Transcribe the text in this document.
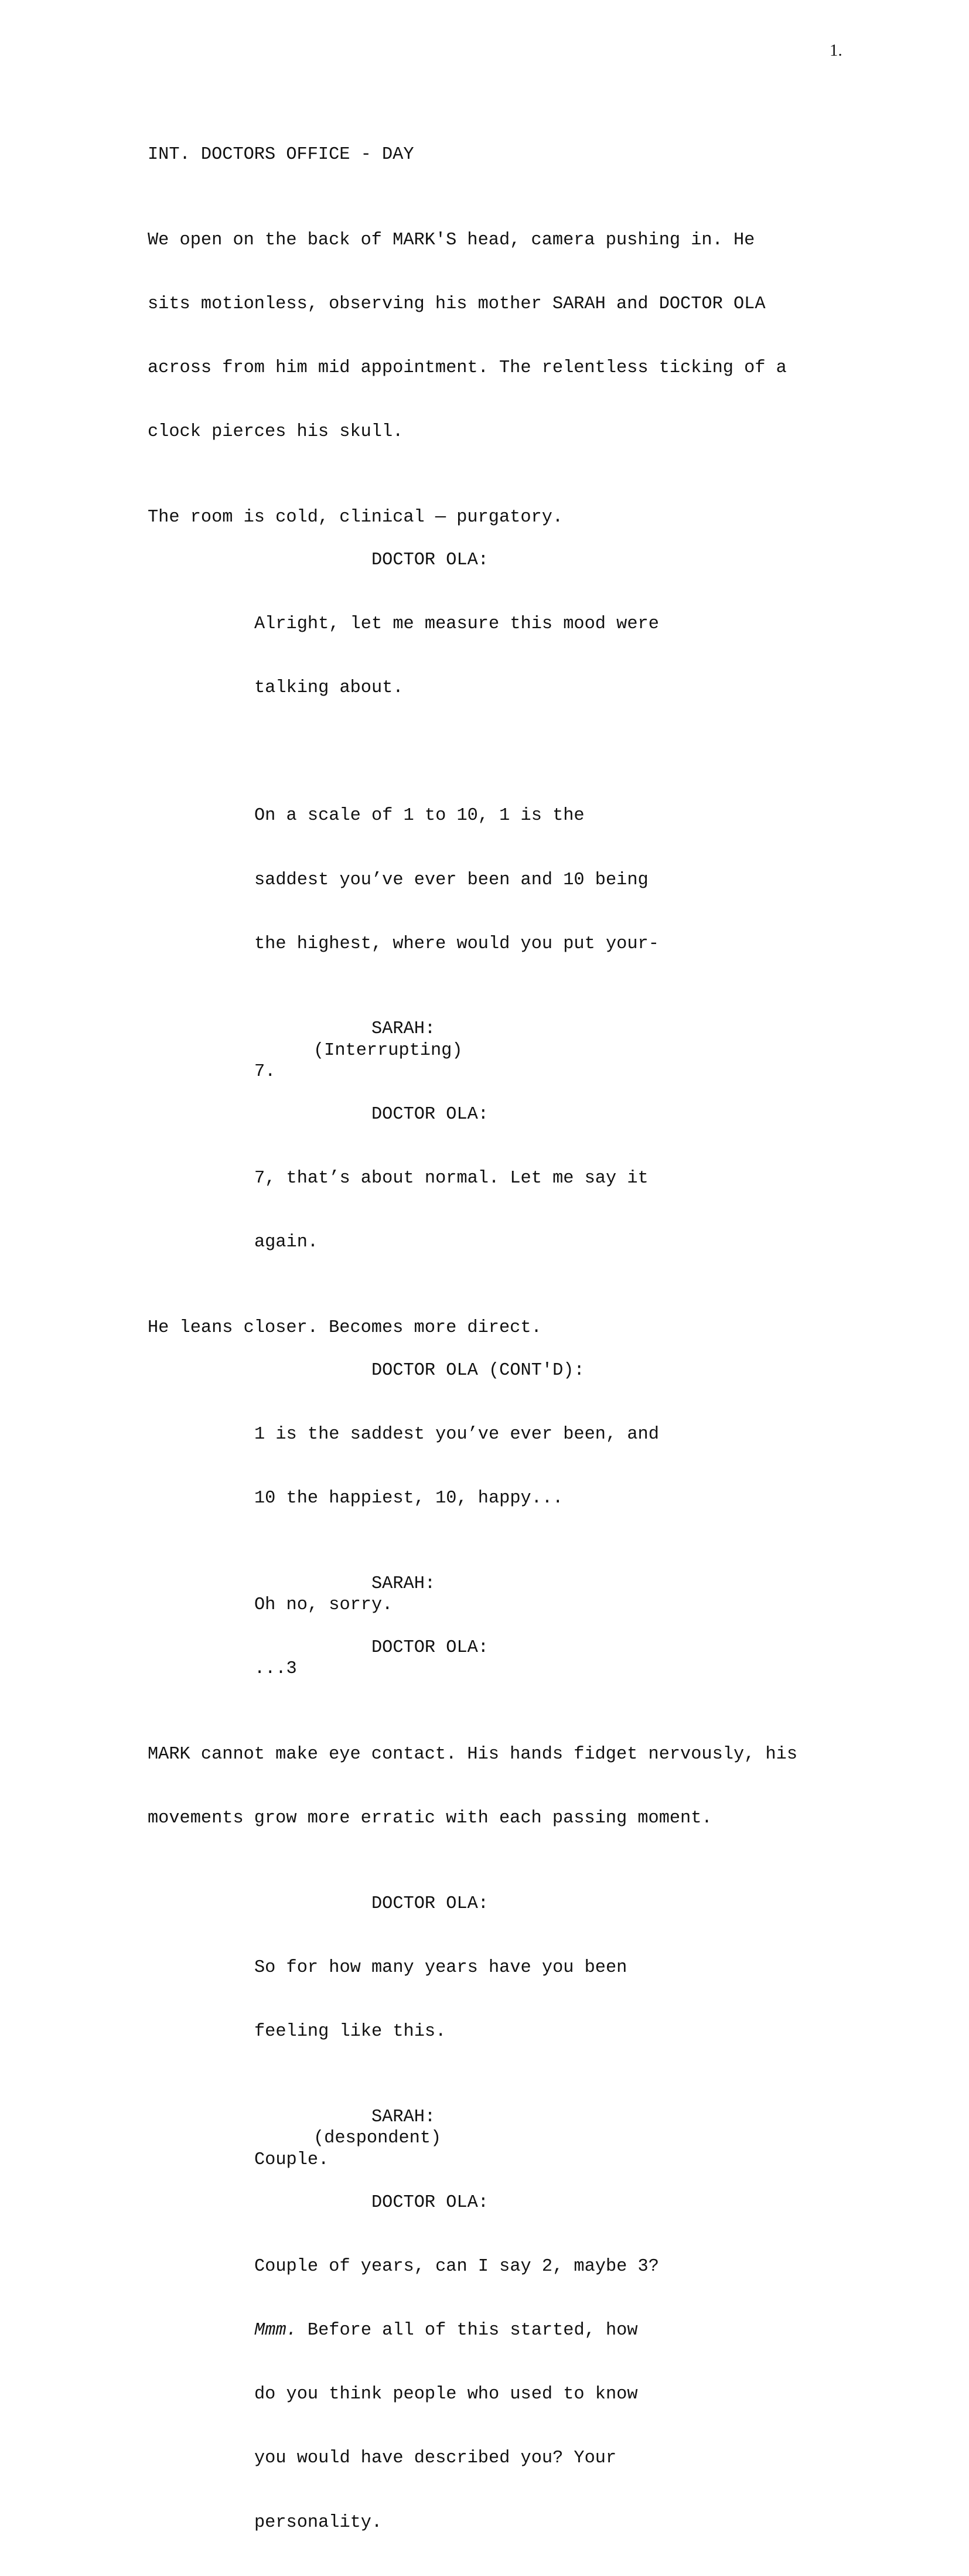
1.
INT. DOCTORS OFFICE - DAY

We open on the back of MARK'S head, camera pushing in. He

sits motionless, observing his mother SARAH and DOCTOR OLA

across from him mid appointment. The relentless ticking of a

clock pierces his skull.

The room is cold, clinical — purgatory.
DOCTOR OLA:

Alright, let me measure this mood were

talking about.

On a scale of 1 to 10, 1 is the

saddest you’ve ever been and 10 being

the highest, where would you put your-

SARAH:
(Interrupting)
7.
DOCTOR OLA:

7, that’s about normal. Let me say it

again.

He leans closer. Becomes more direct.
DOCTOR OLA (CONT'D):

1 is the saddest you’ve ever been, and

10 the happiest, 10, happy...

SARAH:
Oh no, sorry.
DOCTOR OLA:
...3

MARK cannot make eye contact. His hands fidget nervously, his

movements grow more erratic with each passing moment.

DOCTOR OLA:

So for how many years have you been

feeling like this.

SARAH:
(despondent)
Couple.
DOCTOR OLA:

Couple of years, can I say 2, maybe 3?

Mmm. Before all of this started, how

do you think people who used to know

you would have described you? Your

personality.
